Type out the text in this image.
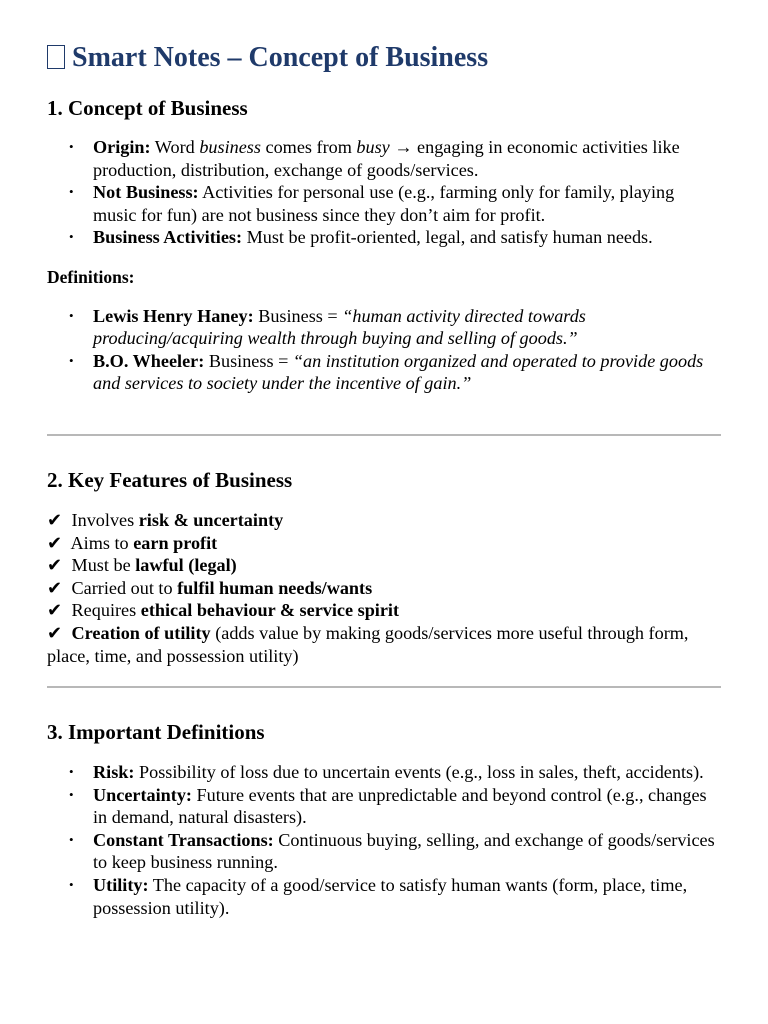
Smart Notes – Concept of Business
1. Concept of Business
• Origin: Word business comes from busy → engaging in economic activities like production, distribution, exchange of goods/services.
• Not Business: Activities for personal use (e.g., farming only for family, playing music for fun) are not business since they don’t aim for profit.
• Business Activities: Must be profit-oriented, legal, and satisfy human needs.
Definitions:
• Lewis Henry Haney: Business = “human activity directed towards producing/acquiring wealth through buying and selling of goods.”
• B.O. Wheeler: Business = “an institution organized and operated to provide goods and services to society under the incentive of gain.”
2. Key Features of Business
✔ Involves risk & uncertainty
✔ Aims to earn profit
✔ Must be lawful (legal)
✔ Carried out to fulfil human needs/wants
✔ Requires ethical behaviour & service spirit
✔ Creation of utility (adds value by making goods/services more useful through form, place, time, and possession utility)
3. Important Definitions
• Risk: Possibility of loss due to uncertain events (e.g., loss in sales, theft, accidents).
• Uncertainty: Future events that are unpredictable and beyond control (e.g., changes in demand, natural disasters).
• Constant Transactions: Continuous buying, selling, and exchange of goods/services to keep business running.
• Utility: The capacity of a good/service to satisfy human wants (form, place, time, possession utility).
